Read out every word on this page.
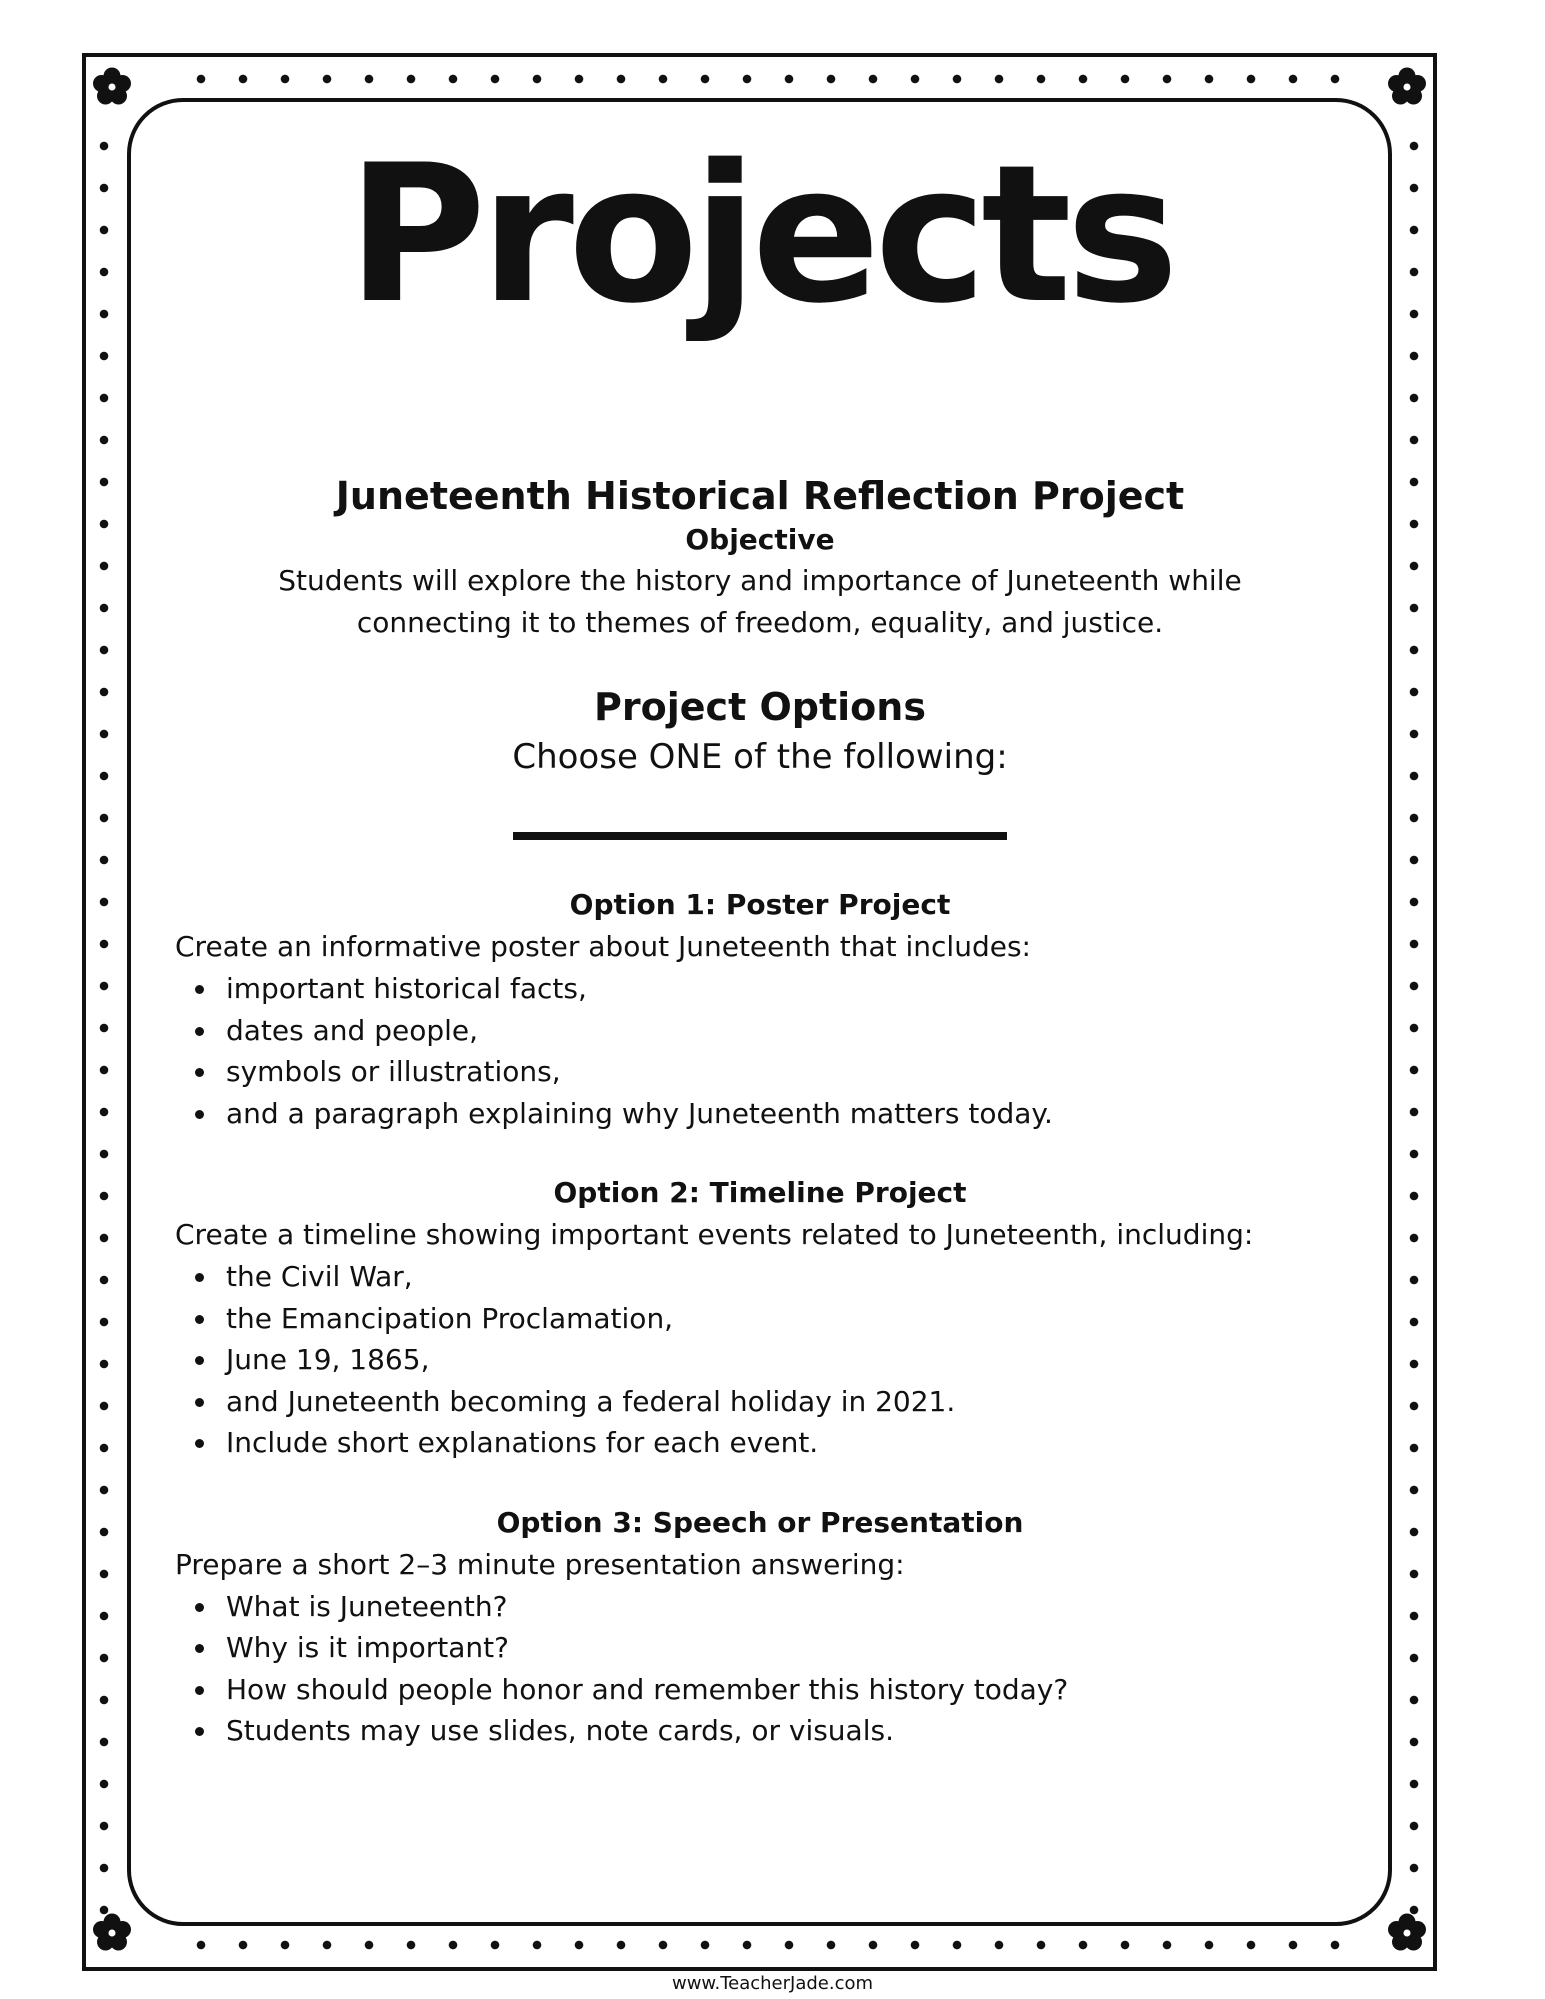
Projects
Juneteenth Historical Reflection Project
Objective
Students will explore the history and importance of Juneteenth while connecting it to themes of freedom, equality, and justice.
Project Options
Choose ONE of the following:
Option 1: Poster Project
Create an informative poster about Juneteenth that includes:
important historical facts,
dates and people,
symbols or illustrations,
and a paragraph explaining why Juneteenth matters today.
Option 2: Timeline Project
Create a timeline showing important events related to Juneteenth, including:
the Civil War,
the Emancipation Proclamation,
June 19, 1865,
and Juneteenth becoming a federal holiday in 2021.
Include short explanations for each event.
Option 3: Speech or Presentation
Prepare a short 2–3 minute presentation answering:
What is Juneteenth?
Why is it important?
How should people honor and remember this history today?
Students may use slides, note cards, or visuals.
www.TeacherJade.com
